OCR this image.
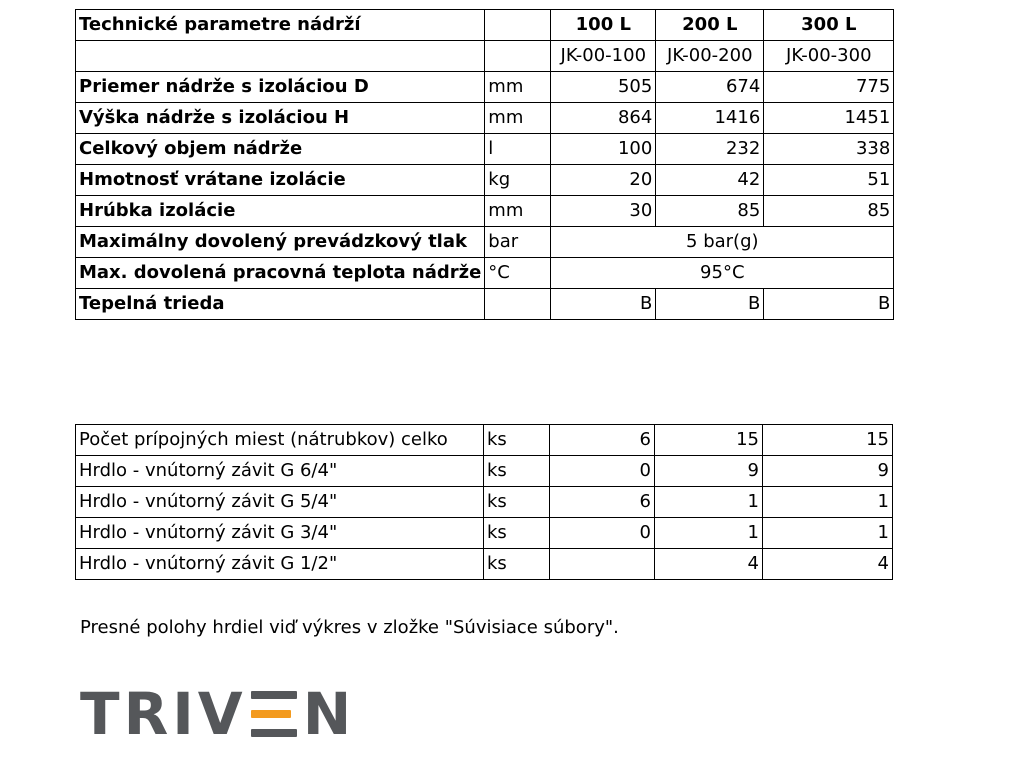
Technické parametre nádrží		100 L	200 L	300 L
		JK-00-100	JK-00-200	JK-00-300
Priemer nádrže s izoláciou D	mm	505	674	775
Výška nádrže s izoláciou H	mm	864	1416	1451
Celkový objem nádrže	l	100	232	338
Hmotnosť vrátane izolácie	kg	20	42	51
Hrúbka izolácie	mm	30	85	85
Maximálny dovolený prevádzkový tlak	bar	5 bar(g)		
Max. dovolená pracovná teplota nádrže	°C	95°C		
Tepelná trieda		B	B	B
Počet prípojných miest (nátrubkov) celko	ks	6	15	15
Hrdlo - vnútorný závit G 6/4"	ks	0	9	9
Hrdlo - vnútorný závit G 5/4"	ks	6	1	1
Hrdlo - vnútorný závit G 3/4"	ks	0	1	1
Hrdlo - vnútorný závit G 1/2"	ks		4	4
Presné polohy hrdiel viď výkres v zložke "Súvisiace súbory".
TRIV N
